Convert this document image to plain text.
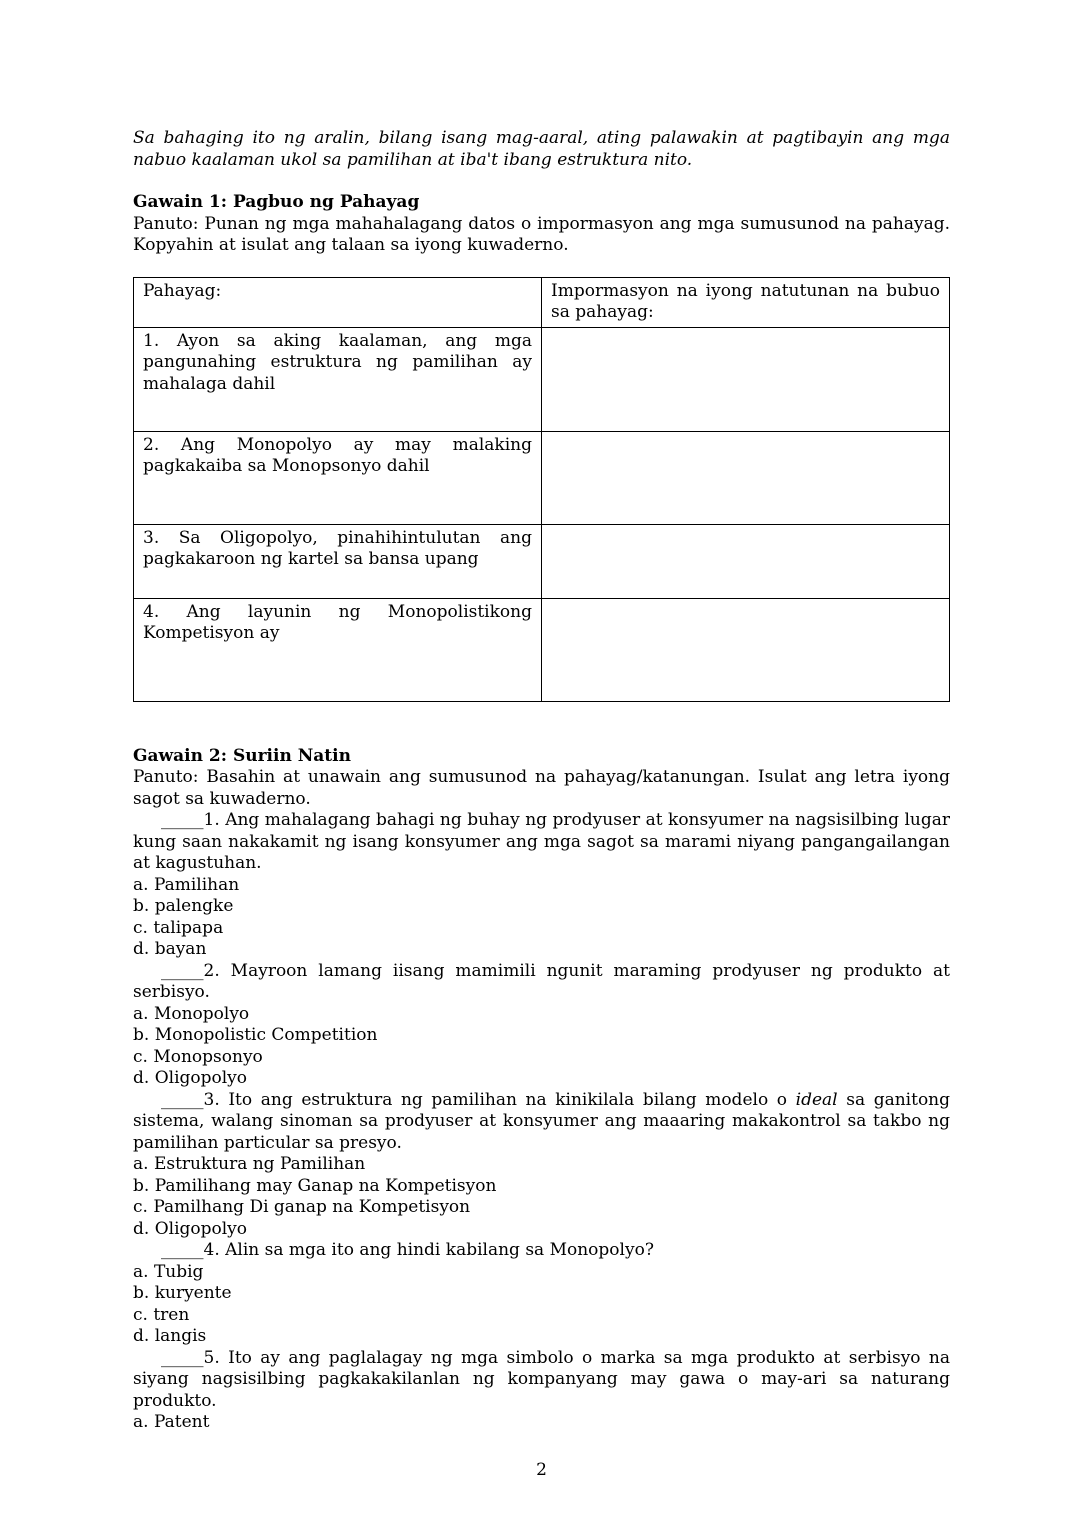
Sa bahaging ito ng aralin, bilang isang mag-aaral, ating palawakin at pagtibayin ang mga nabuo kaalaman ukol sa pamilihan at iba't ibang estruktura nito.

Gawain 1: Pagbuo ng Pahayag

Panuto: Punan ng mga mahahalagang datos o impormasyon ang mga sumusunod na pahayag. Kopyahin at isulat ang talaan sa iyong kuwaderno.

Pahayag:	Impormasyon na iyong natutunan na bubuo sa pahayag:
1. Ayon sa aking kaalaman, ang mga pangunahing estruktura ng pamilihan ay mahalaga dahil	
2. Ang Monopolyo ay may malaking pagkakaiba sa Monopsonyo dahil	
3. Sa Oligopolyo, pinahihintulutan ang pagkakaroon ng kartel sa bansa upang	
4. Ang layunin ng Monopolistikong Kompetisyon ay	

Gawain 2: Suriin Natin

Panuto: Basahin at unawain ang sumusunod na pahayag/katanungan. Isulat ang letra iyong sagot sa kuwaderno.

_____1. Ang mahalagang bahagi ng buhay ng prodyuser at konsyumer na nagsisilbing lugar kung saan nakakamit ng isang konsyumer ang mga sagot sa marami niyang pangangailangan at kagustuhan.

a. Pamilihan

b. palengke

c. talipapa

d. bayan

_____2. Mayroon lamang iisang mamimili ngunit maraming prodyuser ng produkto at serbisyo.

a. Monopolyo

b. Monopolistic Competition

c. Monopsonyo

d. Oligopolyo

_____3. Ito ang estruktura ng pamilihan na kinikilala bilang modelo o ideal sa ganitong sistema, walang sinoman sa prodyuser at konsyumer ang maaaring makakontrol sa takbo ng pamilihan particular sa presyo.

a. Estruktura ng Pamilihan

b. Pamilihang may Ganap na Kompetisyon

c. Pamilhang Di ganap na Kompetisyon

d. Oligopolyo

_____4. Alin sa mga ito ang hindi kabilang sa Monopolyo?

a. Tubig

b. kuryente

c. tren

d. langis

_____5. Ito ay ang paglalagay ng mga simbolo o marka sa mga produkto at serbisyo na siyang nagsisilbing pagkakakilanlan ng kompanyang may gawa o may-ari sa naturang produkto.

a. Patent

2
